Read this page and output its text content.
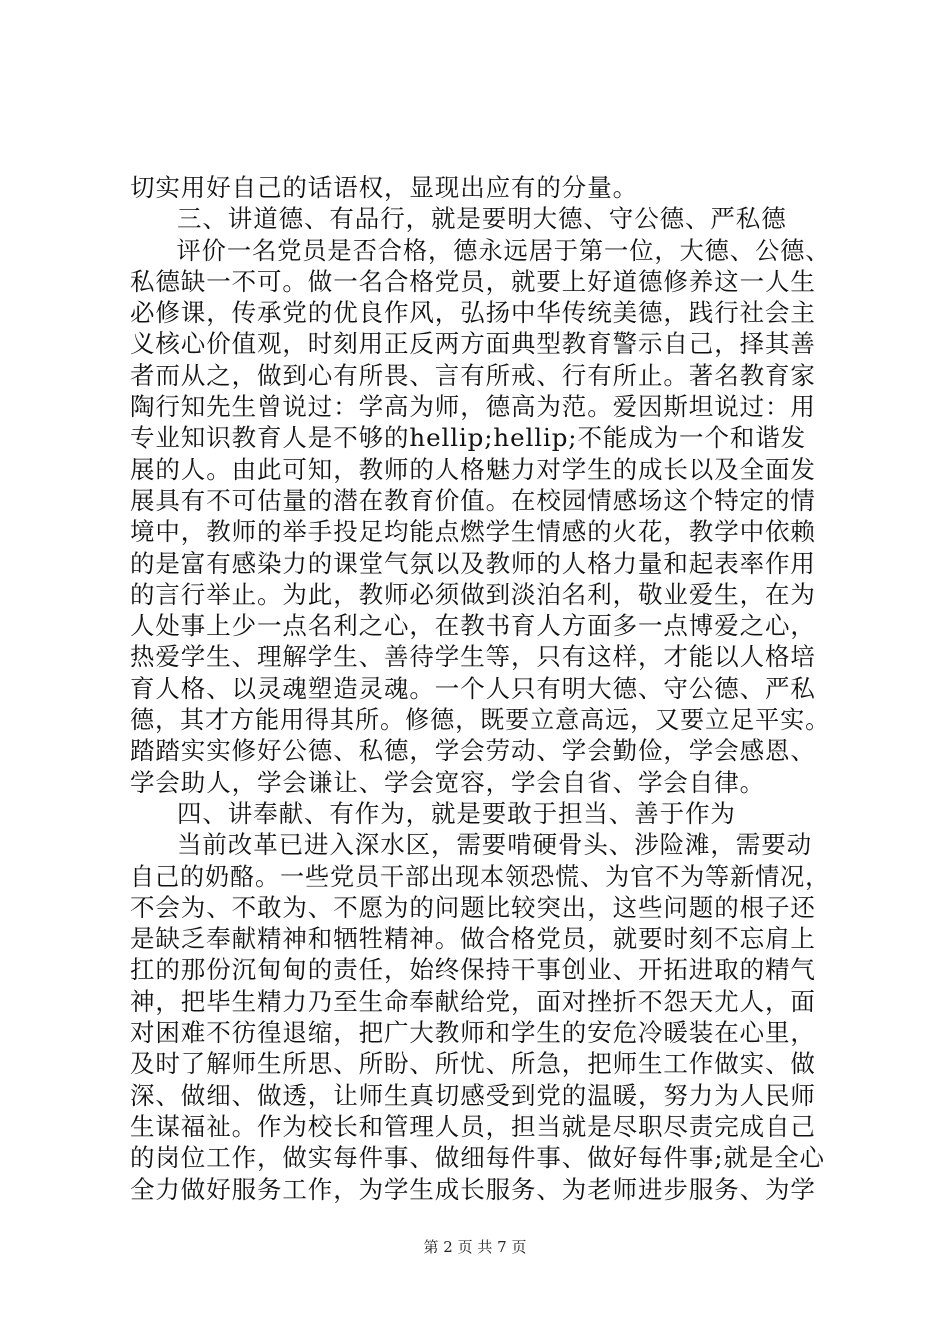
切实用好自己的话语权，显现出应有的分量。
三、讲道德、有品行，就是要明大德、守公德、严私德
评价一名党员是否合格，德永远居于第一位，大德、公德、
私德缺一不可。做一名合格党员，就要上好道德修养这一人生
必修课，传承党的优良作风，弘扬中华传统美德，践行社会主
义核心价值观，时刻用正反两方面典型教育警示自己，择其善
者而从之，做到心有所畏、言有所戒、行有所止。著名教育家
陶行知先生曾说过：学高为师，德高为范。爱因斯坦说过：用
专业知识教育人是不够的hellip;hellip;不能成为一个和谐发
展的人。由此可知，教师的人格魅力对学生的成长以及全面发
展具有不可估量的潜在教育价值。在校园情感场这个特定的情
境中，教师的举手投足均能点燃学生情感的火花，教学中依赖
的是富有感染力的课堂气氛以及教师的人格力量和起表率作用
的言行举止。为此，教师必须做到淡泊名利，敬业爱生，在为
人处事上少一点名利之心，在教书育人方面多一点博爱之心，
热爱学生、理解学生、善待学生等，只有这样，才能以人格培
育人格、以灵魂塑造灵魂。一个人只有明大德、守公德、严私
德，其才方能用得其所。修德，既要立意高远，又要立足平实。
踏踏实实修好公德、私德，学会劳动、学会勤俭，学会感恩、
学会助人，学会谦让、学会宽容，学会自省、学会自律。
四、讲奉献、有作为，就是要敢于担当、善于作为
当前改革已进入深水区，需要啃硬骨头、涉险滩，需要动
自己的奶酪。一些党员干部出现本领恐慌、为官不为等新情况，
不会为、不敢为、不愿为的问题比较突出，这些问题的根子还
是缺乏奉献精神和牺牲精神。做合格党员，就要时刻不忘肩上
扛的那份沉甸甸的责任，始终保持干事创业、开拓进取的精气
神，把毕生精力乃至生命奉献给党，面对挫折不怨天尤人，面
对困难不彷徨退缩，把广大教师和学生的安危冷暖装在心里，
及时了解师生所思、所盼、所忧、所急，把师生工作做实、做
深、做细、做透，让师生真切感受到党的温暖，努力为人民师
生谋福祉。作为校长和管理人员，担当就是尽职尽责完成自己
的岗位工作，做实每件事、做细每件事、做好每件事;就是全心
全力做好服务工作，为学生成长服务、为老师进步服务、为学
第 2 页 共 7 页
